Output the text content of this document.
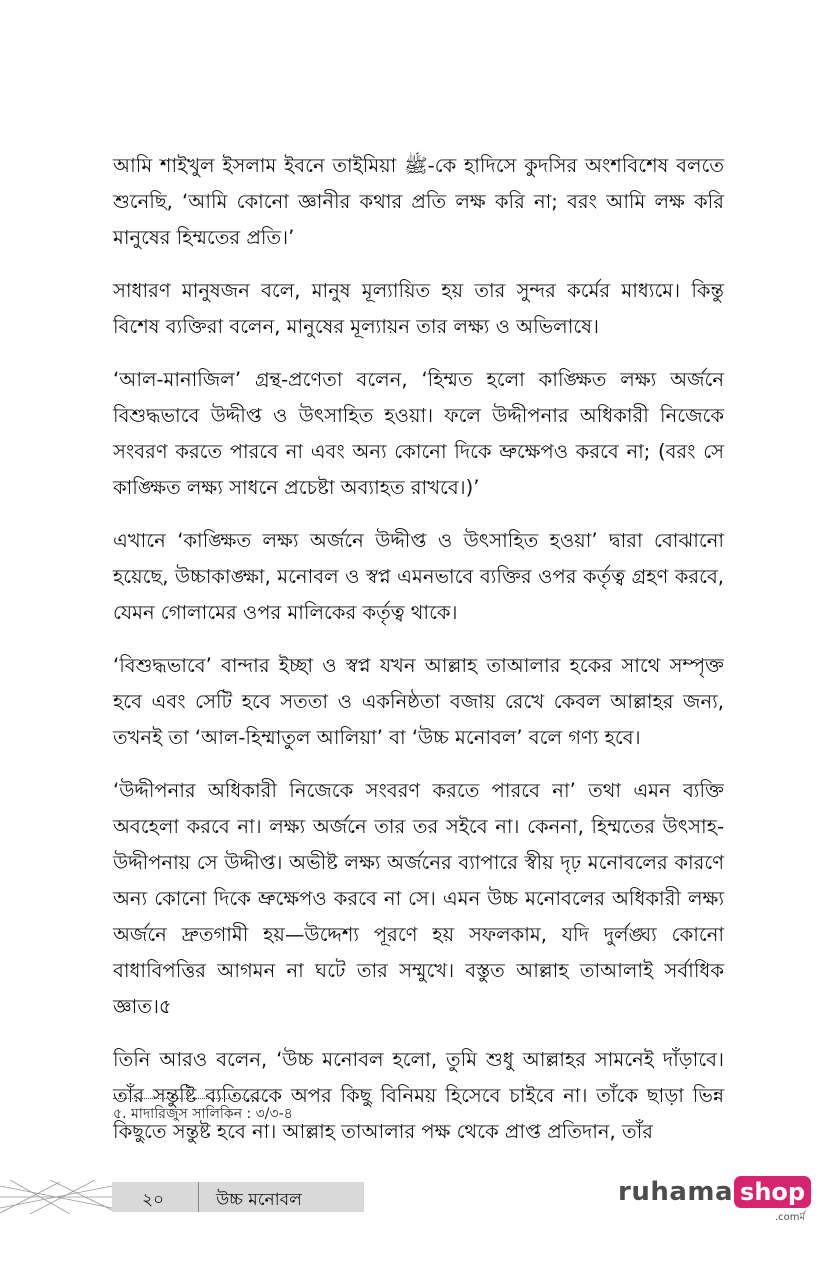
আমি শাইখুল ইসলাম ইবনে তাইমিয়া ﷺ-কে হাদিসে কুদসির অংশবিশেষ বলতে শুনেছি, ‘আমি কোনো জ্ঞানীর কথার প্রতি লক্ষ করি না; বরং আমি লক্ষ করি মানুষের হিম্মতের প্রতি।’

সাধারণ মানুষজন বলে, মানুষ মূল্যায়িত হয় তার সুন্দর কর্মের মাধ্যমে। কিন্তু বিশেষ ব্যক্তিরা বলেন, মানুষের মূল্যায়ন তার লক্ষ্য ও অভিলাষে।

‘আল-মানাজিল’ গ্রন্থ-প্রণেতা বলেন, ‘হিম্মত হলো কাঙ্ক্ষিত লক্ষ্য অর্জনে বিশুদ্ধভাবে উদ্দীপ্ত ও উৎসাহিত হওয়া। ফলে উদ্দীপনার অধিকারী নিজেকে সংবরণ করতে পারবে না এবং অন্য কোনো দিকে ভ্রুক্ষেপও করবে না; (বরং সে কাঙ্ক্ষিত লক্ষ্য সাধনে প্রচেষ্টা অব্যাহত রাখবে।)’

এখানে ‘কাঙ্ক্ষিত লক্ষ্য অর্জনে উদ্দীপ্ত ও উৎসাহিত হওয়া’ দ্বারা বোঝানো হয়েছে, উচ্চাকাঙ্ক্ষা, মনোবল ও স্বপ্ন এমনভাবে ব্যক্তির ওপর কর্তৃত্ব গ্রহণ করবে, যেমন গোলামের ওপর মালিকের কর্তৃত্ব থাকে।

‘বিশুদ্ধভাবে’ বান্দার ইচ্ছা ও স্বপ্ন যখন আল্লাহ তাআলার হকের সাথে সম্পৃক্ত হবে এবং সেটি হবে সততা ও একনিষ্ঠতা বজায় রেখে কেবল আল্লাহর জন্য, তখনই তা ‘আল-হিম্মাতুল আলিয়া’ বা ‘উচ্চ মনোবল’ বলে গণ্য হবে।

‘উদ্দীপনার অধিকারী নিজেকে সংবরণ করতে পারবে না’ তথা এমন ব্যক্তি অবহেলা করবে না। লক্ষ্য অর্জনে তার তর সইবে না। কেননা, হিম্মতের উৎসাহ-উদ্দীপনায় সে উদ্দীপ্ত। অভীষ্ট লক্ষ্য অর্জনের ব্যাপারে স্বীয় দৃঢ় মনোবলের কারণে অন্য কোনো দিকে ভ্রুক্ষেপও করবে না সে। এমন উচ্চ মনোবলের অধিকারী লক্ষ্য অর্জনে দ্রুতগামী হয়—উদ্দেশ্য পূরণে হয় সফলকাম, যদি দুর্লঙ্ঘ্য কোনো বাধাবিপত্তির আগমন না ঘটে তার সম্মুখে। বস্তুত আল্লাহ তাআলাই সর্বাধিক জ্ঞাত।৫

তিনি আরও বলেন, ‘উচ্চ মনোবল হলো, তুমি শুধু আল্লাহর সামনেই দাঁড়াবে। তাঁর সন্তুষ্টি ব্যতিরেকে অপর কিছু বিনিময় হিসেবে চাইবে না। তাঁকে ছাড়া ভিন্ন কিছুতে সন্তুষ্ট হবে না। আল্লাহ তাআলার পক্ষ থেকে প্রাপ্ত প্রতিদান, তাঁর

৫. মাদারিজুস সালিকিন : ৩/৩-৪
২০	উচ্চ মনোবল	ruhama shop
.comর্ম
